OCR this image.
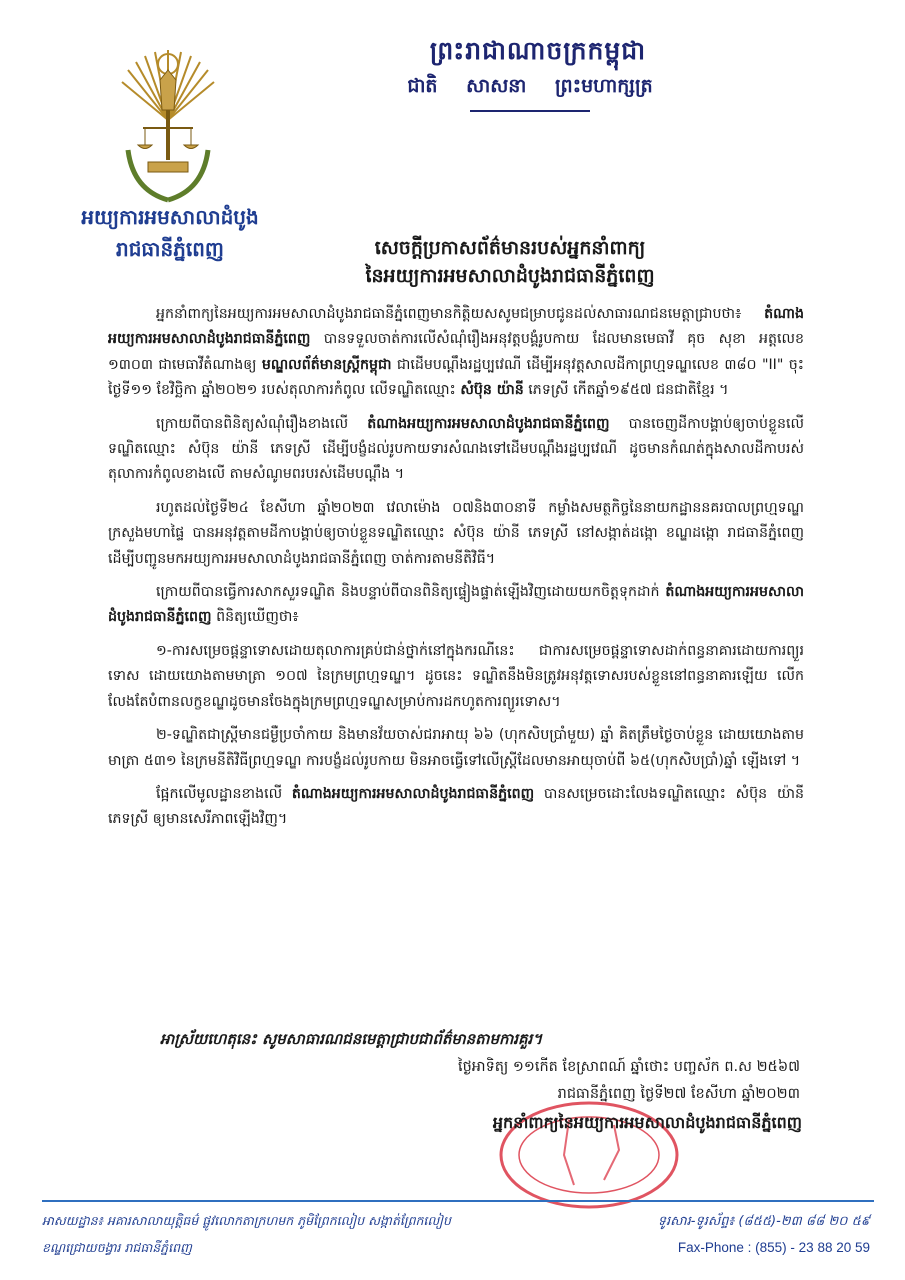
ព្រះរាជាណាចក្រកម្ពុជា
ជាតិ សាសនា ព្រះមហាក្សត្រ
អយ្យការអមសាលាដំបូង
រាជធានីភ្នំពេញ	សេចក្តីប្រកាសព័ត៌មានរបស់អ្នកនាំពាក្យ
នៃអយ្យការអមសាលាដំបូងរាជធានីភ្នំពេញ

អ្នកនាំពាក្យនៃអយ្យការអមសាលាដំបូងរាជធានីភ្នំពេញមានកិត្តិយសសូមជម្រាបជូនដល់សាធារណជនមេត្តាជ្រាបថា៖ តំណាងអយ្យការអមសាលាដំបូងរាជធានីភ្នំពេញ បានទទួលចាត់ការលើសំណុំរឿងអនុវត្តបង្គំរូបកាយ ដែលមានមេធាវី គុច សុខា អត្តលេខ ១៣០៣ ជាមេធាវីតំណាងឲ្យ មណ្ឌលព័ត៌មានស្ត្រីកម្ពុជា ជាដើមបណ្តឹងរដ្ឋប្បវេណី ដើម្បីអនុវត្តសាលដីកាព្រហ្មទណ្ឌលេខ ៣៨០ "II" ចុះថ្ងៃទី១១ ខែវិច្ឆិកា ឆ្នាំ២០២១ របស់តុលាការកំពូល លើទណ្ឌិតឈ្មោះ សំប៊ុន យ៉ានី ភេទស្រី កើតឆ្នាំ១៩៥៧ ជនជាតិខ្មែរ ។

ក្រោយពីបានពិនិត្យសំណុំរឿងខាងលើ តំណាងអយ្យការអមសាលាដំបូងរាជធានីភ្នំពេញ បានចេញដីកាបង្គាប់ឲ្យចាប់ខ្លួនលើទណ្ឌិតឈ្មោះ សំប៊ុន យ៉ានី ភេទស្រី ដើម្បីបង្ខំដល់រូបកាយទារសំណងទៅដើមបណ្តឹងរដ្ឋប្បវេណី ដូចមានកំណត់ក្នុងសាលដីកាបរស់តុលាការកំពូលខាងលើ តាមសំណូមពរបរស់ដើមបណ្តឹង ។

រហូតដល់ថ្ងៃទី២៤ ខែសីហា ឆ្នាំ២០២៣ វេលាម៉ោង ០៧និង៣០នាទី កម្លាំងសមត្ថកិច្ចនៃនាយកដ្ឋាននគរបាលព្រហ្មទណ្ឌ ក្រសួងមហាផ្ទៃ បានអនុវត្តតាមដីកាបង្គាប់ឲ្យចាប់ខ្លួនទណ្ឌិតឈ្មោះ សំប៊ុន យ៉ានី ភេទស្រី នៅសង្កាត់ដង្កោ ខណ្ឌដង្កោ រាជធានីភ្នំពេញ ដើម្បីបញ្ជូនមកអយ្យការអមសាលាដំបូងរាជធានីភ្នំពេញ ចាត់ការតាមនីតិវិធី។

ក្រោយពីបានធ្វើការសាកសួរទណ្ឌិត និងបន្ទាប់ពីបានពិនិត្យផ្ទៀងផ្ទាត់ឡើងវិញដោយយកចិត្តទុកដាក់ តំណាងអយ្យការអមសាលាដំបូងរាជធានីភ្នំពេញ ពិនិត្យឃើញថា៖

១-ការសម្រេចផ្តន្ទាទោសដោយតុលាការគ្រប់ជាន់ថ្នាក់នៅក្នុងករណីនេះ ជាការសម្រេចផ្តន្ទាទោសដាក់ពន្ធនាគារដោយការព្យួរទោស ដោយយោងតាមមាត្រា ១០៧ នៃក្រមព្រហ្មទណ្ឌ។ ដូចនេះ ទណ្ឌិតនឹងមិនត្រូវអនុវត្តទោសរបស់ខ្លួននៅពន្ធនាគារឡើយ លើកលែងតែបំពានលក្ខខណ្ឌដូចមានចែងក្នុងក្រមព្រហ្មទណ្ឌសម្រាប់ការដកហូតការព្យួរទោស។

២-ទណ្ឌិតជាស្ត្រីមានជម្ងឺប្រចាំកាយ និងមានវ័យចាស់ជរាអាយុ ៦៦ (ហុកសិបប្រាំមួយ) ឆ្នាំ គិតត្រឹមថ្ងៃចាប់ខ្លួន ដោយយោងតាមមាត្រា ៥៣១ នៃក្រមនីតិវិធីព្រហ្មទណ្ឌ ការបង្ខំដល់រូបកាយ មិនអាចធ្វើទៅលើស្ត្រីដែលមានអាយុចាប់ពី ៦៥(ហុកសិបប្រាំ)ឆ្នាំ ឡើងទៅ ។

ផ្អែកលើមូលដ្ឋានខាងលើ តំណាងអយ្យការអមសាលាដំបូងរាជធានីភ្នំពេញ បានសម្រេចដោះលែងទណ្ឌិតឈ្មោះ សំប៊ុន យ៉ានី ភេទស្រី ឲ្យមានសេរីភាពឡើងវិញ។

អាស្រ័យហេតុនេះ សូមសាធារណជនមេត្តាជ្រាបជាព័ត៌មានតាមការគួរ។
ថ្ងៃអាទិត្យ ១១កើត ខែស្រាពណ៍ ឆ្នាំថោះ បញ្ចស័ក ព.ស ២៥៦៧
រាជធានីភ្នំពេញ ថ្ងៃទី២៧ ខែសីហា ឆ្នាំ២០២៣
អ្នកនាំពាក្យនៃអយ្យការអមសាលាដំបូងរាជធានីភ្នំពេញ
អាសយដ្ឋាន៖ អគារសាលាយុត្តិធម៌ ផ្លូវលោកតាក្រហមក ភូមិព្រែកលៀប សង្កាត់ព្រែកលៀប
ខណ្ឌជ្រោយចង្វារ រាជធានីភ្នំពេញ
ទូរសារ-ទូរស័ព្ទ៖ (៨៥៥)-២៣ ៨៨ ២០ ៥៩
Fax-Phone : (855) - 23 88 20 59
